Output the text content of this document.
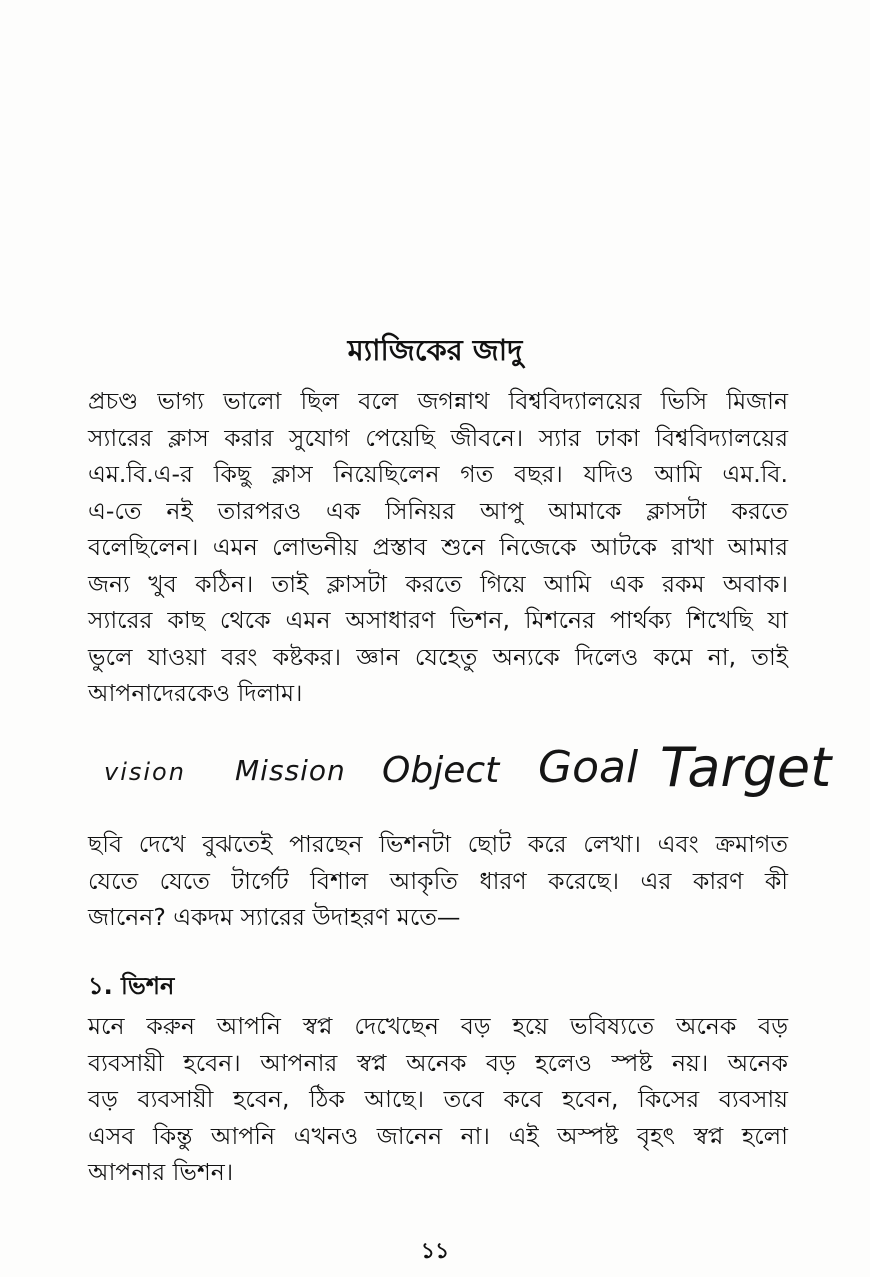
ম্যাজিকের জাদু
প্রচণ্ড ভাগ্য ভালো ছিল বলে জগন্নাথ বিশ্ববিদ্যালয়ের ভিসি মিজান
স্যারের ক্লাস করার সুযোগ পেয়েছি জীবনে। স্যার ঢাকা বিশ্ববিদ্যালয়ের
এম.বি.এ-র কিছু ক্লাস নিয়েছিলেন গত বছর। যদিও আমি এম.বি.
এ-তে নই তারপরও এক সিনিয়র আপু আমাকে ক্লাসটা করতে
বলেছিলেন। এমন লোভনীয় প্রস্তাব শুনে নিজেকে আটকে রাখা আমার
জন্য খুব কঠিন। তাই ক্লাসটা করতে গিয়ে আমি এক রকম অবাক।
স্যারের কাছ থেকে এমন অসাধারণ ভিশন, মিশনের পার্থক্য শিখেছি যা
ভুলে যাওয়া বরং কষ্টকর। জ্ঞান যেহেতু অন্যকে দিলেও কমে না, তাই
আপনাদেরকেও দিলাম।
vision Mission Object Goal Target
ছবি দেখে বুঝতেই পারছেন ভিশনটা ছোট করে লেখা। এবং ক্রমাগত
যেতে যেতে টার্গেট বিশাল আকৃতি ধারণ করেছে। এর কারণ কী
জানেন? একদম স্যারের উদাহরণ মতে—
১. ভিশন
মনে করুন আপনি স্বপ্ন দেখেছেন বড় হয়ে ভবিষ্যতে অনেক বড়
ব্যবসায়ী হবেন। আপনার স্বপ্ন অনেক বড় হলেও স্পষ্ট নয়। অনেক
বড় ব্যবসায়ী হবেন, ঠিক আছে। তবে কবে হবেন, কিসের ব্যবসায়
এসব কিন্তু আপনি এখনও জানেন না। এই অস্পষ্ট বৃহৎ স্বপ্ন হলো
আপনার ভিশন।
১১
